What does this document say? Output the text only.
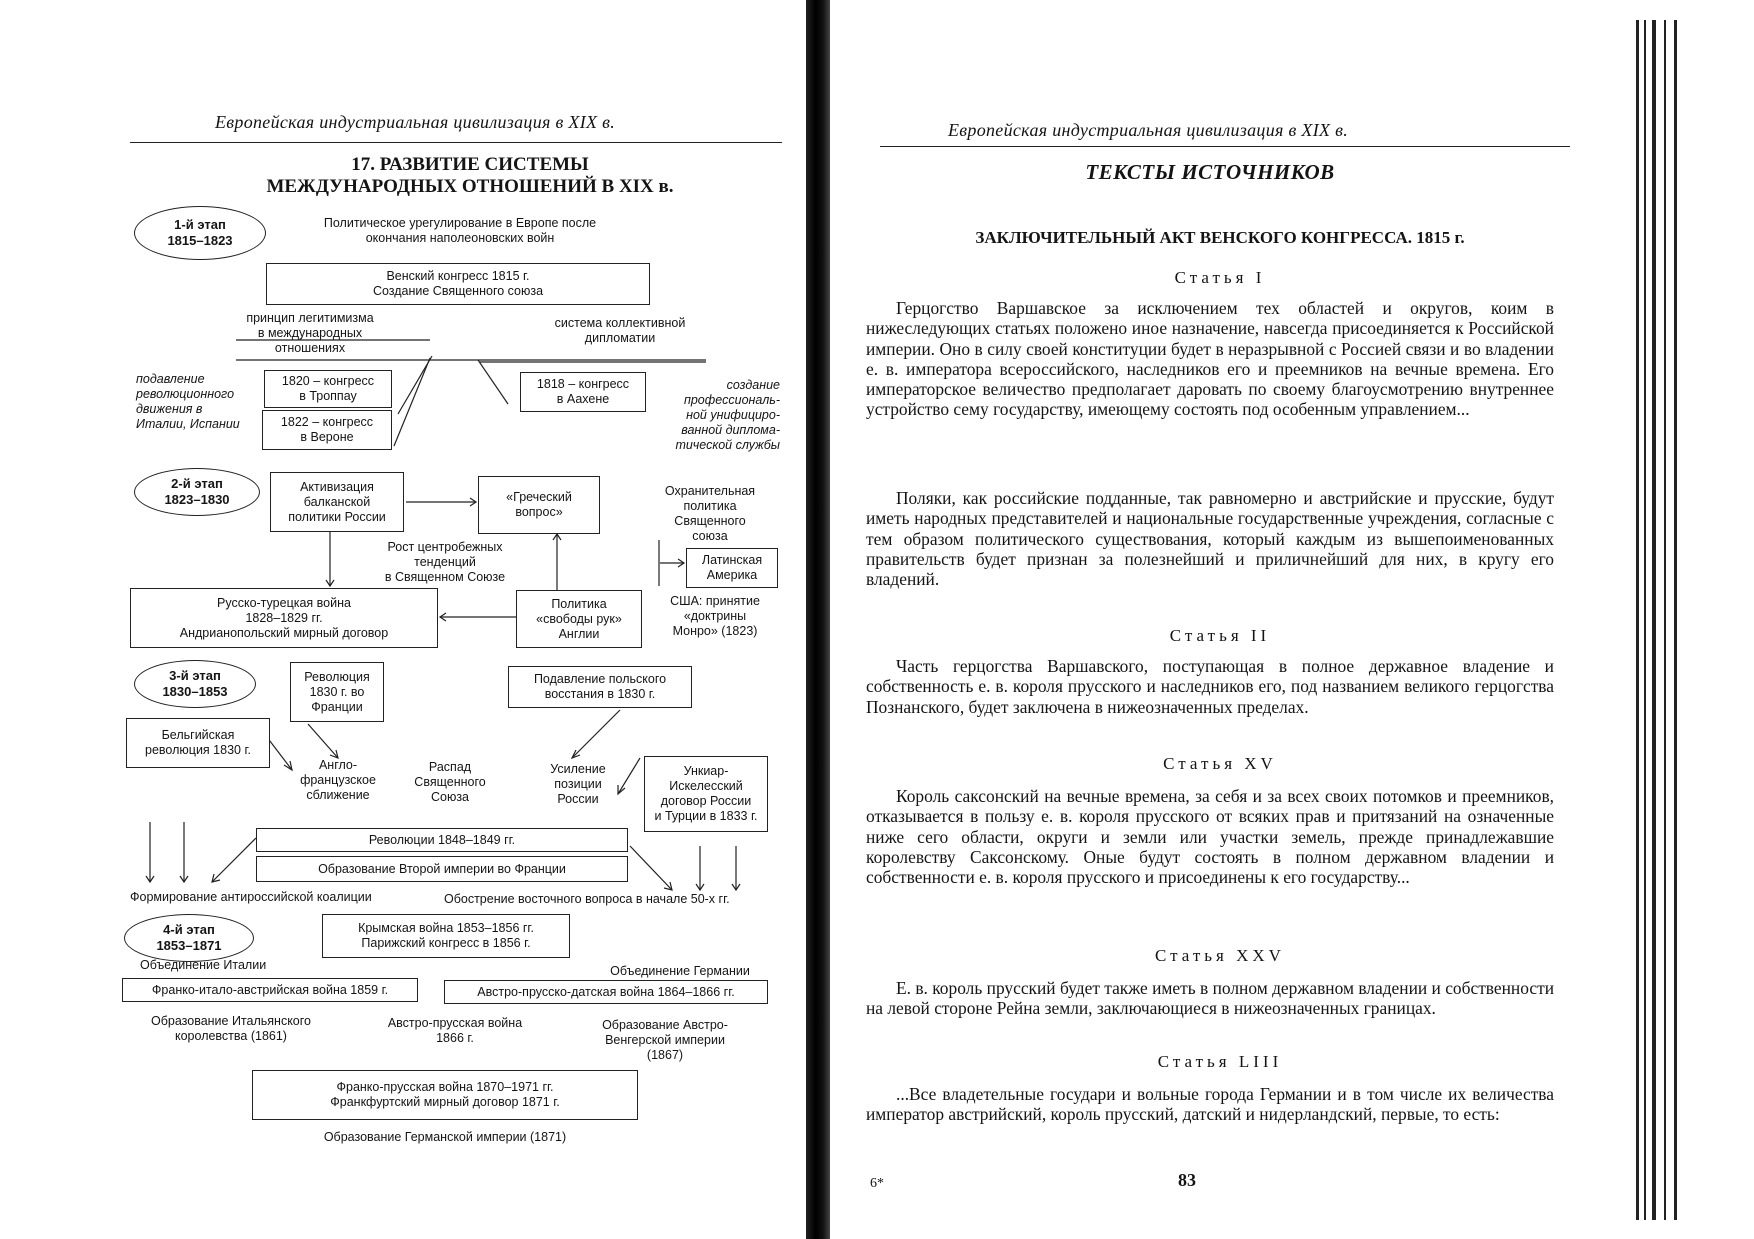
Европейская индустриальная цивилизация в XIX в.
17. РАЗВИТИЕ СИСТЕМЫ
МЕЖДУНАРОДНЫХ ОТНОШЕНИЙ В XIX в.
1-й этап
1815–1823
Политическое урегулирование в Европе после
окончания наполеоновских войн
Венский конгресс 1815 г.
Создание Священного союза
принцип легитимизма
в международных
отношениях
система коллективной
дипломатии
подавление
революционного
движения в
Италии, Испании
1820 – конгресс
в Троппау
1822 – конгресс
в Вероне
1818 – конгресс
в Аахене
создание
профессиональ-
ной унифициро-
ванной диплома-
тической службы
2-й этап
1823–1830
Активизация
балканской
политики России
«Греческий
вопрос»
Охранительная
политика
Священного
союза
Рост центробежных
тенденций
в Священном Союзе
Латинская
Америка
Русско-турецкая война
1828–1829 гг.
Андрианопольский мирный договор
Политика
«свободы рук»
Англии
США: принятие
«доктрины
Монро» (1823)
3-й этап
1830–1853
Революция
1830 г. во
Франции
Подавление польского
восстания в 1830 г.
Бельгийская
революция 1830 г.
Англо-
французское
сближение
Распад
Священного
Союза
Усиление
позиции
России
Ункиар-
Искелесский
договор России
и Турции в 1833 г.
Революции 1848–1849 гг.
Образование Второй империи во Франции
Формирование антироссийской коалиции	Обострение восточного вопроса в начале 50-х гг.
4-й этап
1853–1871
Крымская война 1853–1856 гг.
Парижский конгресс в 1856 г.
Объединение Италии	Объединение Германии
Франко-итало-австрийская война 1859 г.	Австро-прусско-датская война 1864–1866 гг.
Образование Итальянского
королевства (1861)
Австро-прусская война
1866 г.
Образование Австро-
Венгерской империи
(1867)
Франко-прусская война 1870–1971 гг.
Франкфуртский мирный договор 1871 г.
Образование Германской империи (1871)
Европейская индустриальная цивилизация в XIX в.
ТЕКСТЫ ИСТОЧНИКОВ
ЗАКЛЮЧИТЕЛЬНЫЙ АКТ ВЕНСКОГО КОНГРЕССА. 1815 г.
Статья I
Герцогство Варшавское за исключением тех областей и округов, коим в нижеследующих статьях положено иное назначение, навсегда присоединяется к Российской империи. Оно в силу своей конституции будет в неразрывной с Россией связи и во владении е. в. императора всероссийского, наследников его и преемников на вечные времена. Его императорское величество предполагает даровать по своему благоусмотрению внутреннее устройство сему государству, имеющему состоять под особенным управлением...
Поляки, как российские подданные, так равномерно и австрийские и прусские, будут иметь народных представителей и национальные государственные учреждения, согласные с тем образом политического существования, который каждым из вышепоименованных правительств будет признан за полезнейший и приличнейший для них, в кругу его владений.
Статья II
Часть герцогства Варшавского, поступающая в полное державное владение и собственность е. в. короля прусского и наследников его, под названием великого герцогства Познанского, будет заключена в нижеозначенных пределах.
Статья XV
Король саксонский на вечные времена, за себя и за всех своих потомков и преемников, отказывается в пользу е. в. короля прусского от всяких прав и притязаний на означенные ниже сего области, округи и земли или участки земель, прежде принадлежавшие королевству Саксонскому. Оные будут состоять в полном державном владении и собственности е. в. короля прусского и присоединены к его государству...
Статья XXV
Е. в. король прусский будет также иметь в полном державном владении и собственности на левой стороне Рейна земли, заключающиеся в нижеозначенных границах.
Статья LIII
...Все владетельные государи и вольные города Германии и в том числе их величества император австрийский, король прусский, датский и нидерландский, первые, то есть:
6*	83
